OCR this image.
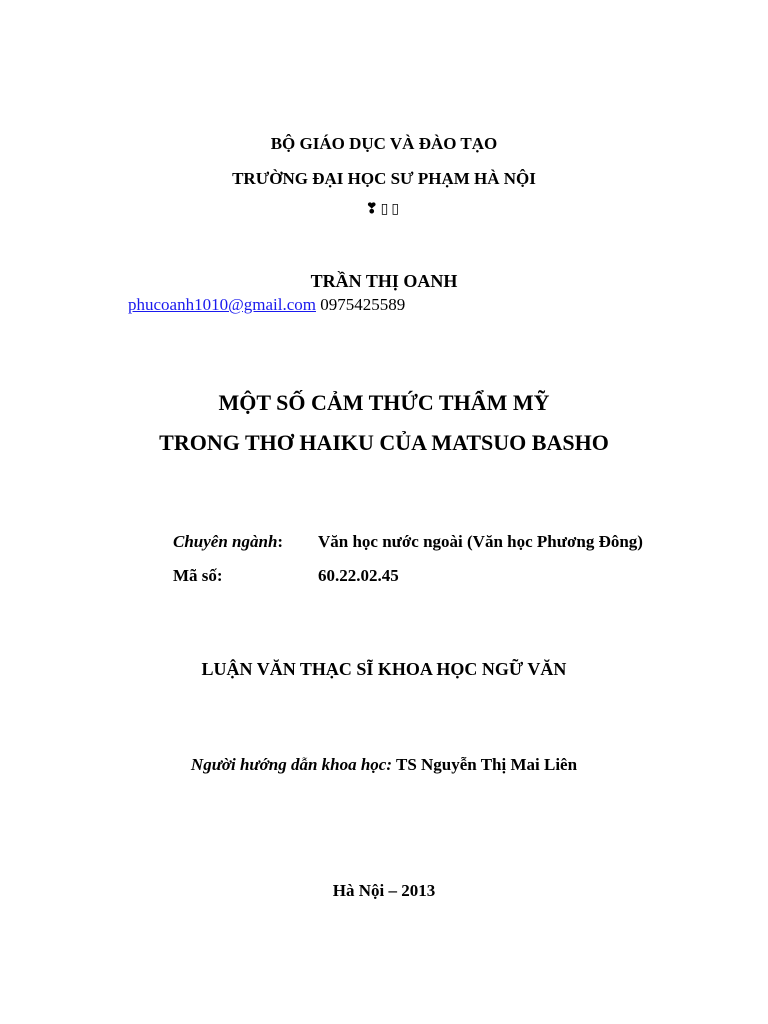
BỘ GIÁO DỤC VÀ ĐÀO TẠO
TRƯỜNG ĐẠI HỌC SƯ PHẠM HÀ NỘI
❣▯▯
TRẦN THỊ OANH
phucoanh1010@gmail.com 0975425589
MỘT SỐ CẢM THỨC THẨM MỸ
TRONG THƠ HAIKU CỦA MATSUO BASHO
Chuyên ngành: Văn học nước ngoài (Văn học Phương Đông)
Mã số:	60.22.02.45
LUẬN VĂN THẠC SĨ KHOA HỌC NGỮ VĂN
Người hướng dẫn khoa học: TS Nguyễn Thị Mai Liên
Hà Nội – 2013
